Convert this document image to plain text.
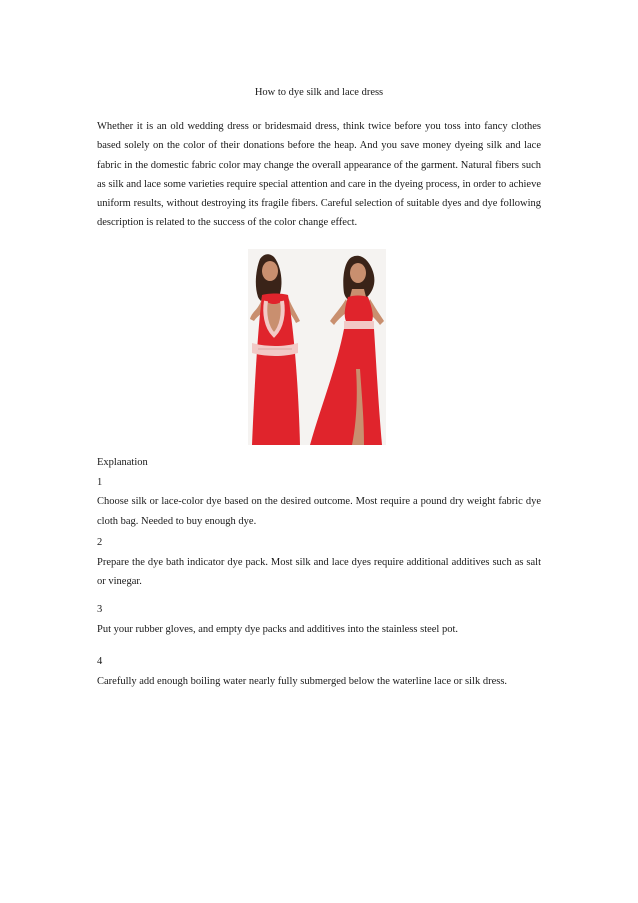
How to dye silk and lace dress

Whether it is an old wedding dress or bridesmaid dress, think twice before you toss into fancy clothes based solely on the color of their donations before the heap. And you save money dyeing silk and lace fabric in the domestic fabric color may change the overall appearance of the garment. Natural fibers such as silk and lace some varieties require special attention and care in the dyeing process, in order to achieve uniform results, without destroying its fragile fibers. Careful selection of suitable dyes and dye following description is related to the success of the color change effect.

Explanation
1
Choose silk or lace-color dye based on the desired outcome. Most require a pound dry weight fabric dye cloth bag. Needed to buy enough dye.
2
Prepare the dye bath indicator dye pack. Most silk and lace dyes require additional additives such as salt or vinegar.
3
Put your rubber gloves, and empty dye packs and additives into the stainless steel pot.
4
Carefully add enough boiling water nearly fully submerged below the waterline lace or silk dress.
